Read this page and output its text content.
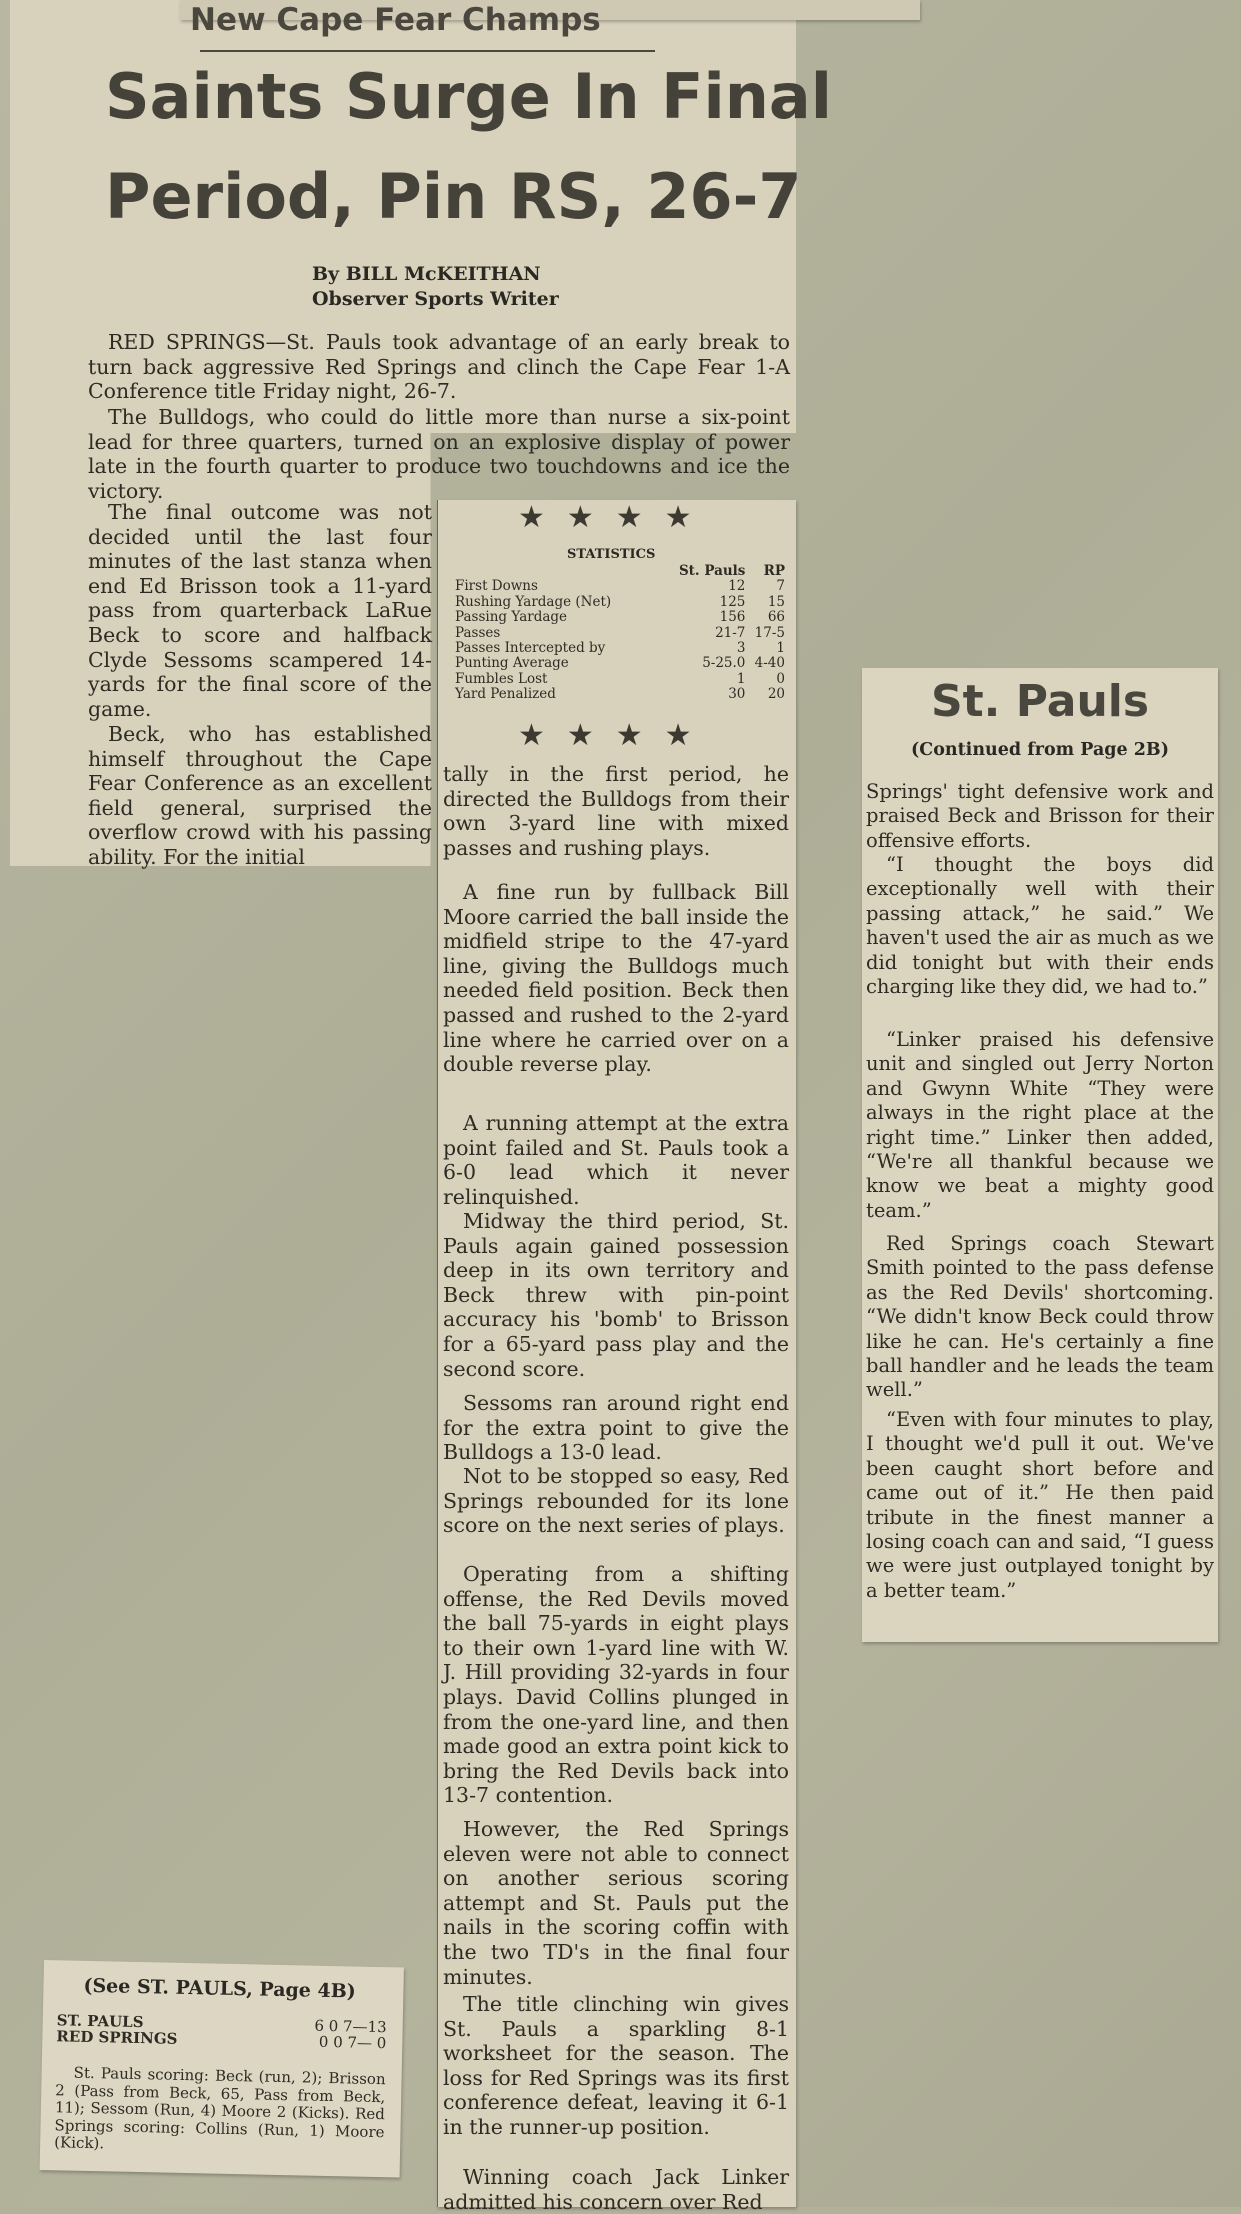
New Cape Fear Champs
Saints Surge In Final
Period, Pin RS, 26-7
By BILL McKEITHAN
Observer Sports Writer

RED SPRINGS—St. Pauls took advantage of an early break to turn back aggressive Red Springs and clinch the Cape Fear 1-A Conference title Friday night, 26-7.

The Bulldogs, who could do little more than nurse a six-point lead for three quarters, turned on an explosive display of power late in the fourth quarter to produce two touchdowns and ice the victory.

The final outcome was not decided until the last four minutes of the last stanza when end Ed Brisson took a 11-yard pass from quarterback LaRue Beck to score and halfback Clyde Sessoms scampered 14-yards for the final score of the game.

Beck, who has established himself throughout the Cape Fear Conference as an excellent field general, surprised the overflow crowd with his passing ability. For the initial

★★★★
STATISTICS
	St. Pauls	RP
First Downs	12	7
Rushing Yardage (Net)	125	15
Passing Yardage	156	66
Passes	21-7	17-5
Passes Intercepted by	3	1
Punting Average	5-25.0	4-40
Fumbles Lost	1	0
Yard Penalized	30	20
★★★★

tally in the first period, he directed the Bulldogs from their own 3-yard line with mixed passes and rushing plays.

A fine run by fullback Bill Moore carried the ball inside the midfield stripe to the 47-yard line, giving the Bulldogs much needed field position. Beck then passed and rushed to the 2-yard line where he carried over on a double reverse play.

A running attempt at the extra point failed and St. Pauls took a 6-0 lead which it never relinquished.

Midway the third period, St. Pauls again gained possession deep in its own territory and Beck threw with pin-point accuracy his 'bomb' to Brisson for a 65-yard pass play and the second score.

Sessoms ran around right end for the extra point to give the Bulldogs a 13-0 lead.

Not to be stopped so easy, Red Springs rebounded for its lone score on the next series of plays.

Operating from a shifting offense, the Red Devils moved the ball 75-yards in eight plays to their own 1-yard line with W. J. Hill providing 32-yards in four plays. David Collins plunged in from the one-yard line, and then made good an extra point kick to bring the Red Devils back into 13-7 contention.

However, the Red Springs eleven were not able to connect on another serious scoring attempt and St. Pauls put the nails in the scoring coffin with the two TD's in the final four minutes.

The title clinching win gives St. Pauls a sparkling 8-1 worksheet for the season. The loss for Red Springs was its first conference defeat, leaving it 6-1 in the runner-up position.

Winning coach Jack Linker admitted his concern over Red

St. Pauls
(Continued from Page 2B)

Springs' tight defensive work and praised Beck and Brisson for their offensive efforts.

“I thought the boys did exceptionally well with their passing attack,” he said.” We haven't used the air as much as we did tonight but with their ends charging like they did, we had to.”

“Linker praised his defensive unit and singled out Jerry Norton and Gwynn White “They were always in the right place at the right time.” Linker then added, “We're all thankful because we know we beat a mighty good team.”

Red Springs coach Stewart Smith pointed to the pass defense as the Red Devils' shortcoming. “We didn't know Beck could throw like he can. He's certainly a fine ball handler and he leads the team well.”

“Even with four minutes to play, I thought we'd pull it out. We've been caught short before and came out of it.” He then paid tribute in the finest manner a losing coach can and said, “I guess we were just outplayed tonight by a better team.”

(See ST. PAULS, Page 4B)
ST. PAULS	6 0 7—13
RED SPRINGS	0 0 7— 0
St. Pauls scoring: Beck (run, 2); Brisson 2 (Pass from Beck, 65, Pass from Beck, 11); Sessom (Run, 4) Moore 2 (Kicks). Red Springs scoring: Collins (Run, 1) Moore (Kick).
